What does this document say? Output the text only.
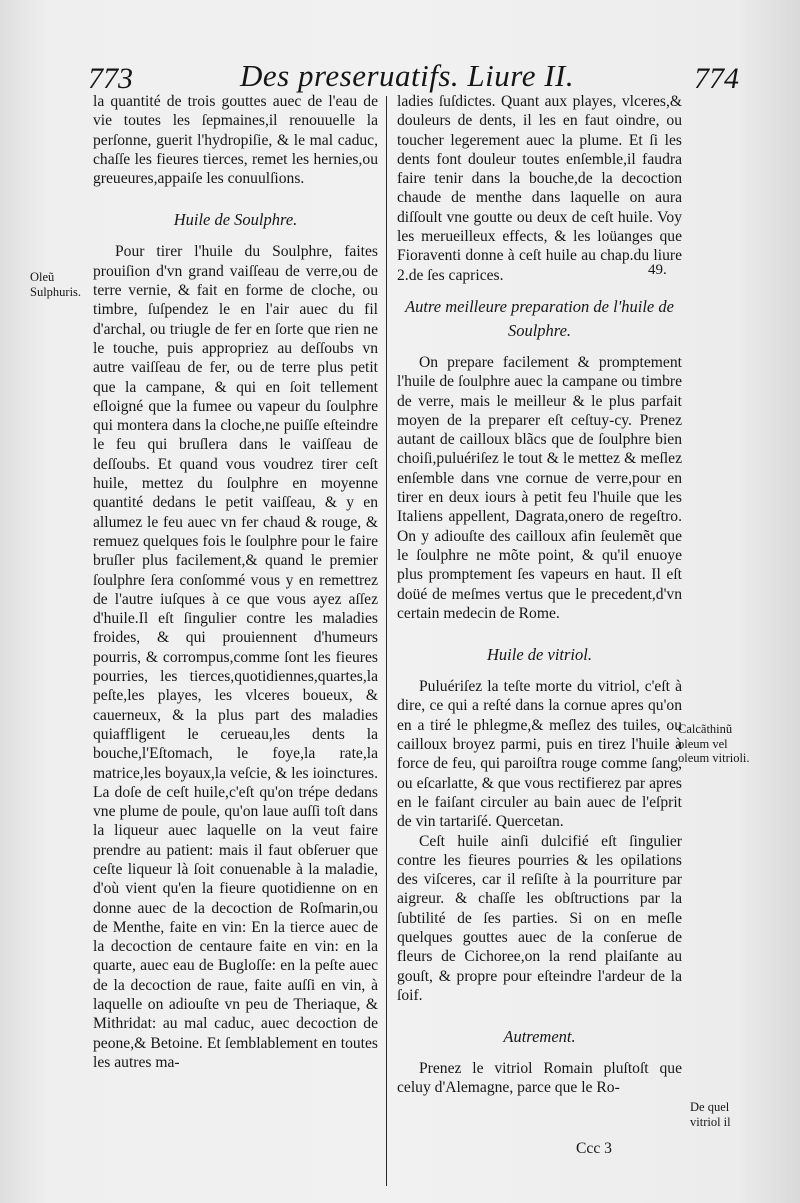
773	Des preseruatifs. Liure II.	774

la quantité de trois gouttes auec de l'eau de vie toutes les ſepmaines,il renouuelle la perſonne, guerit l'hydropiſie, & le mal caduc, chaſſe les fieures tierces, remet les hernies,ou greueures,appaiſe les conuulſions.

Huile de Soulphre.

Pour tirer l'huile du Soulphre, faites prouiſion d'vn grand vaiſſeau de verre,ou de terre vernie, & fait en forme de cloche, ou timbre, ſuſpendez le en l'air auec du fil d'archal, ou triugle de fer en ſorte que rien ne le touche, puis appropriez au deſſoubs vn autre vaiſſeau de fer, ou de terre plus petit que la campane, & qui en ſoit tellement eſloigné que la fumee ou vapeur du ſoulphre qui montera dans la cloche,ne puiſſe eſteindre le feu qui bruſlera dans le vaiſſeau de deſſoubs. Et quand vous voudrez tirer ceſt huile, mettez du ſoulphre en moyenne quantité dedans le petit vaiſſeau, & y en allumez le feu auec vn fer chaud & rouge, & remuez quelques fois le ſoulphre pour le faire bruſler plus facilement,& quand le premier ſoulphre ſera conſommé vous y en remettrez de l'autre iuſques à ce que vous ayez aſſez d'huile.Il eſt ſingulier contre les maladies froides, & qui prouiennent d'humeurs pourris, & corrompus,comme ſont les fieures pourries, les tierces,quotidiennes,quartes,la peſte,les playes, les vlceres boueux, & cauerneux, & la plus part des maladies quiaffligent le cerueau,les dents la bouche,l'Eſtomach, le foye,la rate,la matrice,les boyaux,la veſcie, & les ioinctures. La doſe de ceſt huile,c'eſt qu'on trépe dedans vne plume de poule, qu'on laue auſſi toſt dans la liqueur auec laquelle on la veut faire prendre au patient: mais il faut obſeruer que ceſte liqueur là ſoit conuenable à la maladie, d'où vient qu'en la fieure quotidienne on en donne auec de la decoction de Roſmarin,ou de Menthe, faite en vin: En la tierce auec de la decoction de centaure faite en vin: en la quarte, auec eau de Bugloſſe: en la peſte auec de la decoction de raue, faite auſſi en vin, à laquelle on adiouſte vn peu de Theriaque, & Mithridat: au mal caduc, auec decoction de peone,& Betoine. Et ſemblablement en toutes les autres ma-

ladies ſuſdictes. Quant aux playes, vlceres,& douleurs de dents, il les en faut oindre, ou toucher legerement auec la plume. Et ſi les dents font douleur toutes enſemble,il faudra faire tenir dans la bouche,de la decoction chaude de menthe dans laquelle on aura diſſoult vne goutte ou deux de ceſt huile. Voy les merueilleux effects, & les loüanges que Fioraventi donne à ceſt huile au chap.du liure 2.de ſes caprices.

Autre meilleure preparation de l'huile de Soulphre.

On prepare facilement & promptement l'huile de ſoulphre auec la campane ou timbre de verre, mais le meilleur & le plus parfait moyen de la preparer eſt ceſtuy-cy. Prenez autant de cailloux blãcs que de ſoulphre bien choiſi,puluériſez le tout & le mettez & meſlez enſemble dans vne cornue de verre,pour en tirer en deux iours à petit feu l'huile que les Italiens appellent, Dagrata,onero de regeſtro. On y adiouſte des cailloux afin ſeulemẽt que le ſoulphre ne mõte point, & qu'il enuoye plus promptement ſes vapeurs en haut. Il eſt doüé de meſmes vertus que le precedent,d'vn certain medecin de Rome.

Huile de vitriol.

Puluériſez la teſte morte du vitriol, c'eſt à dire, ce qui a reſté dans la cornue apres qu'on en a tiré le phlegme,& meſlez des tuiles, ou cailloux broyez parmi, puis en tirez l'huile à force de feu, qui paroiſtra rouge comme ſang, ou eſcarlatte, & que vous rectifierez par apres en le faiſant circuler au bain auec de l'eſprit de vin tartariſé. Quercetan.

Ceſt huile ainſi dulcifié eſt ſingulier contre les fieures pourries & les opilations des viſceres, car il reſiſte à la pourriture par aigreur. & chaſſe les obſtructions par la ſubtilité de ſes parties. Si on en meſle quelques gouttes auec de la conſerue de fleurs de Cichoree,on la rend plaiſante au gouſt, & propre pour eſteindre l'ardeur de la ſoif.

Autrement.

Prenez le vitriol Romain pluſtoſt que celuy d'Alemagne, parce que le Ro-

Oleũ Sulphuris.
Calcãthinũ oleum vel oleum vitrioli.
De quel vitriol il
49.
Ccc 3
